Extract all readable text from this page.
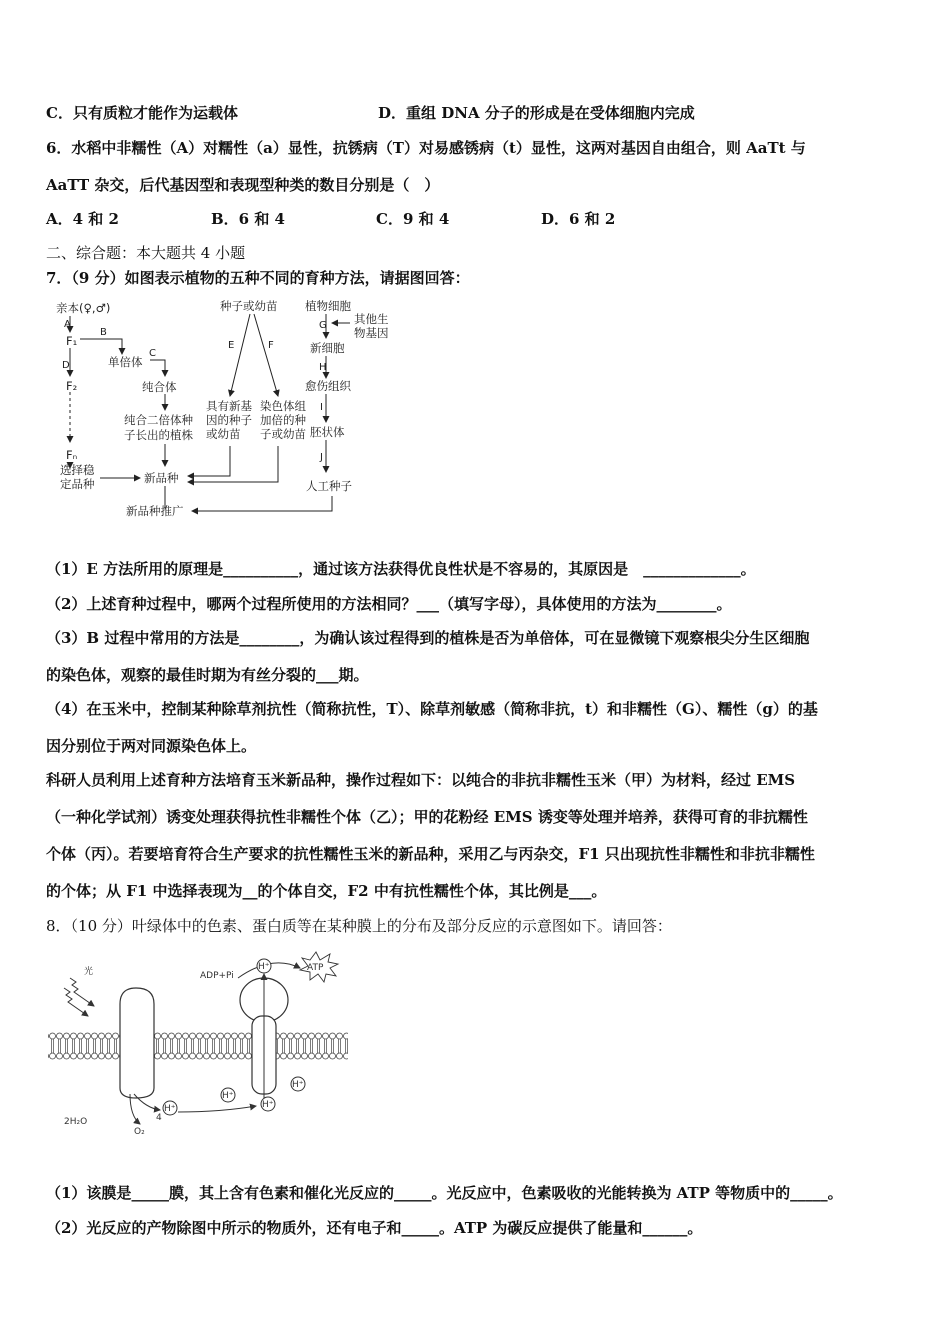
C．只有质粒才能作为运载体	D．重组 DNA 分子的形成是在受体细胞内完成
6．水稻中非糯性（A）对糯性（a）显性，抗锈病（T）对易感锈病（t）显性，这两对基因自由组合，则 AaTt 与
AaTT 杂交，后代基因型和表现型种类的数目分别是（　）
A．4 和 2	B．6 和 4	C．9 和 4	D．6 和 2
二、综合题：本大题共 4 小题
7．（9 分）如图表示植物的五种不同的育种方法，请据图回答：
亲本(♀,♂)
A
F₁
B
单倍体
C
D
F₂	纯合体
纯合二倍体种
子长出的植株
Fₙ
选择稳
定品种	新品种
新品种推广
种子或幼苗
E	F
具有新基
因的种子
或幼苗
染色体组
加倍的种
子或幼苗
植物细胞
G 其他生
物基因
新细胞
H
愈伤组织
I
胚状体
J
人工种子
（1）E 方法所用的原理是__________，通过该方法获得优良性状是不容易的，其原因是　_____________。
（2）上述育种过程中，哪两个过程所使用的方法相同？___（填写字母），具体使用的方法为________。
（3）B 过程中常用的方法是________，为确认该过程得到的植株是否为单倍体，可在显微镜下观察根尖分生区细胞
的染色体，观察的最佳时期为有丝分裂的___期。
（4）在玉米中，控制某种除草剂抗性（简称抗性，T）、除草剂敏感（简称非抗，t）和非糯性（G）、糯性（g）的基
因分别位于两对同源染色体上。
科研人员利用上述育种方法培育玉米新品种，操作过程如下：以纯合的非抗非糯性玉米（甲）为材料，经过 EMS
（一种化学试剂）诱变处理获得抗性非糯性个体（乙）；甲的花粉经 EMS 诱变等处理并培养，获得可育的非抗糯性
个体（丙）。若要培育符合生产要求的抗性糯性玉米的新品种，采用乙与丙杂交，F1 只出现抗性非糯性和非抗非糯性
的个体；从 F1 中选择表现为__的个体自交，F2 中有抗性糯性个体，其比例是___。
8．（10 分）叶绿体中的色素、蛋白质等在某种膜上的分布及部分反应的示意图如下。请回答：
光	ADP+Pi
ATP
H⁺
H⁺
H⁺
H⁺
H⁺
2H₂O
O₂
4
（1）该膜是_____膜，其上含有色素和催化光反应的_____。光反应中，色素吸收的光能转换为 ATP 等物质中的_____。
（2）光反应的产物除图中所示的物质外，还有电子和_____。ATP 为碳反应提供了能量和______。
